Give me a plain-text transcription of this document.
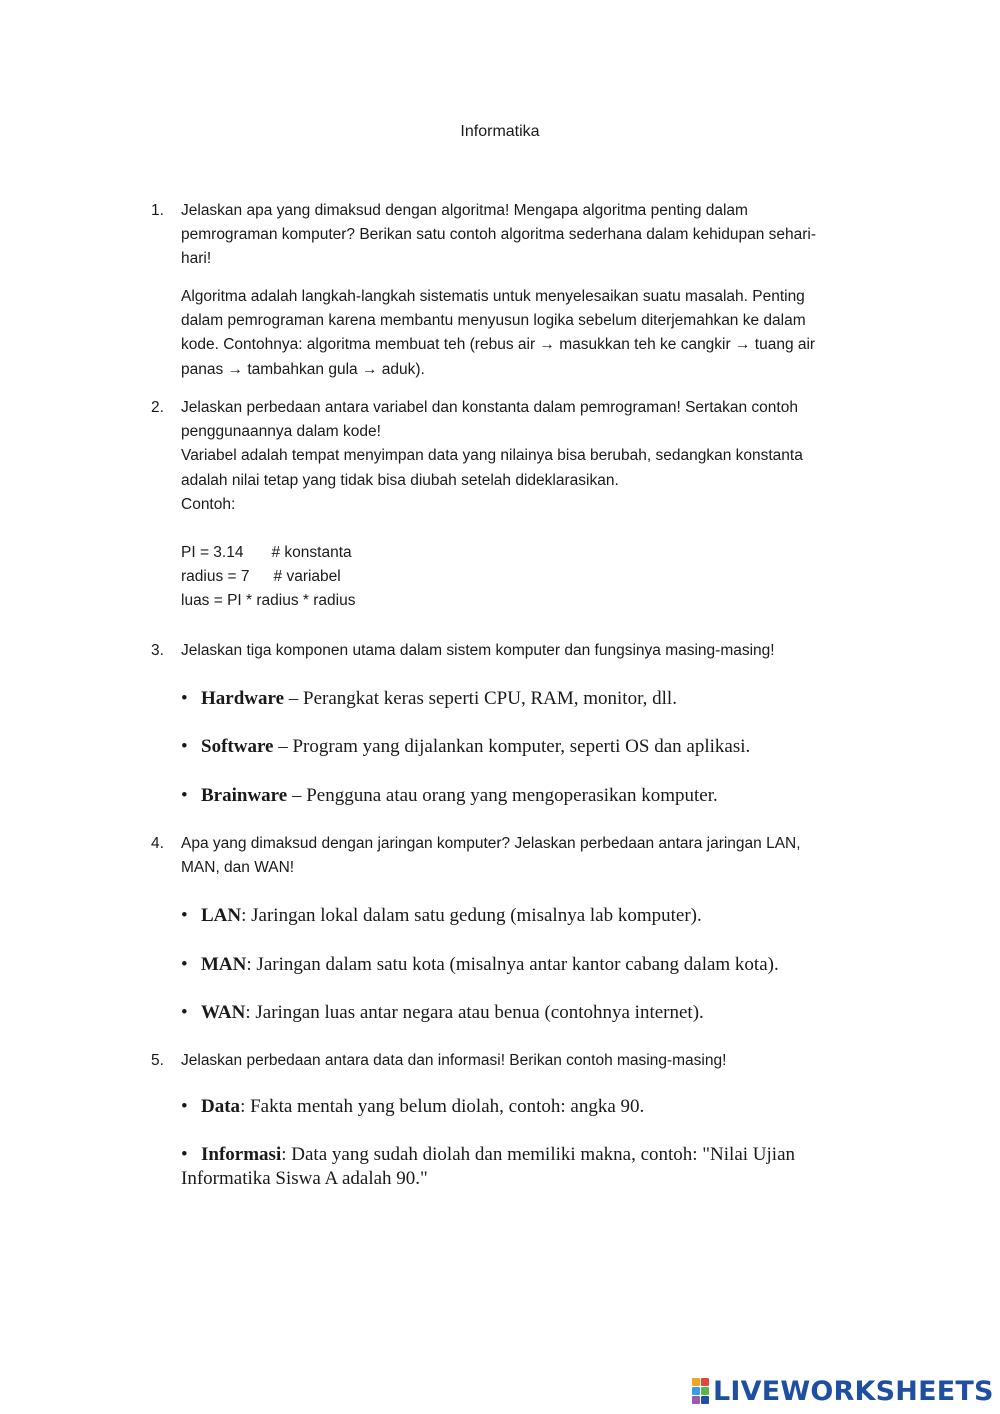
Informatika
1.	Jelaskan apa yang dimaksud dengan algoritma! Mengapa algoritma penting dalam
pemrograman komputer? Berikan satu contoh algoritma sederhana dalam kehidupan sehari-
hari!
Algoritma adalah langkah-langkah sistematis untuk menyelesaikan suatu masalah. Penting
dalam pemrograman karena membantu menyusun logika sebelum diterjemahkan ke dalam
kode. Contohnya: algoritma membuat teh (rebus air → masukkan teh ke cangkir → tuang air
panas → tambahkan gula → aduk).
2.	Jelaskan perbedaan antara variabel dan konstanta dalam pemrograman! Sertakan contoh
penggunaannya dalam kode!
Variabel adalah tempat menyimpan data yang nilainya bisa berubah, sedangkan konstanta
adalah nilai tetap yang tidak bisa diubah setelah dideklarasikan.
Contoh:
PI = 3.14 # konstanta
radius = 7 # variabel
luas = PI * radius * radius
3.	Jelaskan tiga komponen utama dalam sistem komputer dan fungsinya masing-masing!
• Hardware – Perangkat keras seperti CPU, RAM, monitor, dll.
• Software – Program yang dijalankan komputer, seperti OS dan aplikasi.
• Brainware – Pengguna atau orang yang mengoperasikan komputer.
4.	Apa yang dimaksud dengan jaringan komputer? Jelaskan perbedaan antara jaringan LAN,
MAN, dan WAN!
• LAN: Jaringan lokal dalam satu gedung (misalnya lab komputer).
• MAN: Jaringan dalam satu kota (misalnya antar kantor cabang dalam kota).
• WAN: Jaringan luas antar negara atau benua (contohnya internet).
5.	Jelaskan perbedaan antara data dan informasi! Berikan contoh masing-masing!
• Data: Fakta mentah yang belum diolah, contoh: angka 90.
• Informasi: Data yang sudah diolah dan memiliki makna, contoh: "Nilai Ujian
Informatika Siswa A adalah 90."
LIVEWORKSHEETS
